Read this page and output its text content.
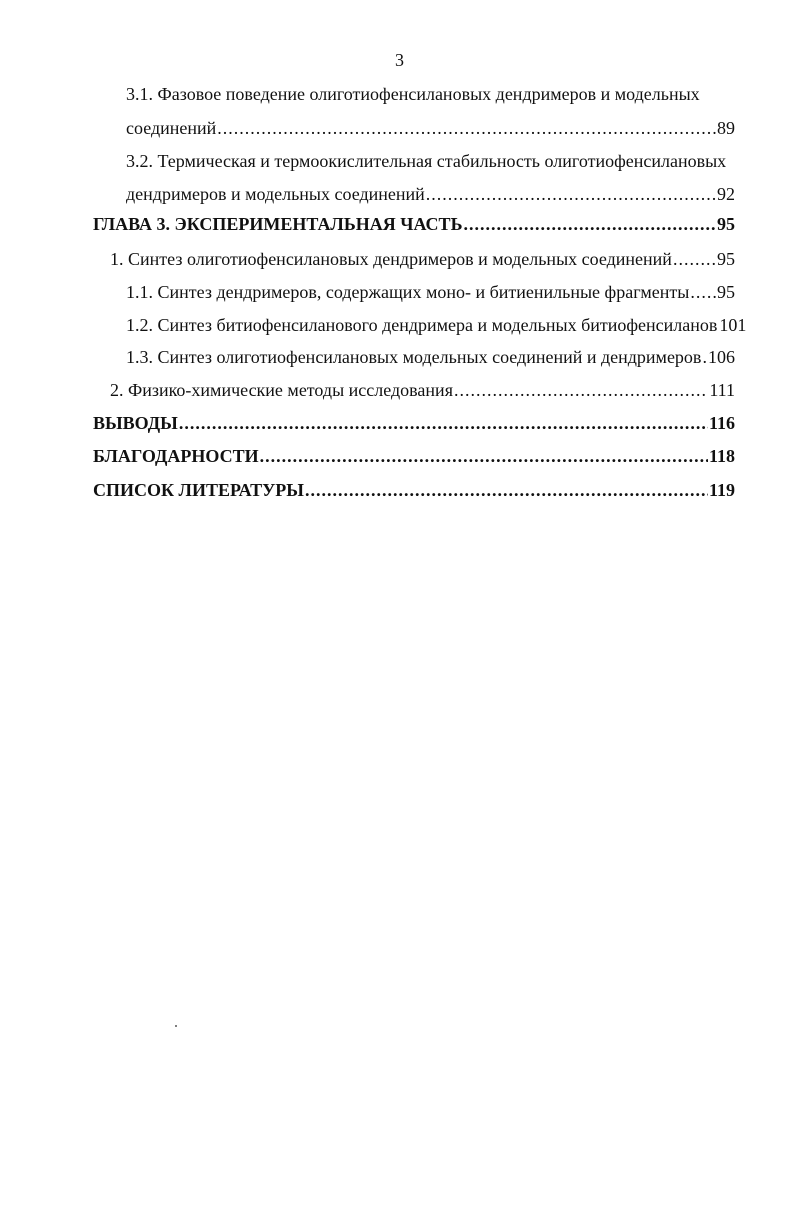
3
3.1. Фазовое поведение олиготиофенсилановых дендримеров и модельных
соединений .....	89
3.2. Термическая и термоокислительная стабильность олиготиофенсилановых
дендримеров и модельных соединений .....	92
ГЛАВА 3. ЭКСПЕРИМЕНТАЛЬНАЯ ЧАСТЬ .....	95
1. Синтез олиготиофенсилановых дендримеров и модельных соединений .....	95
1.1. Синтез дендримеров, содержащих моно- и битиенильные фрагменты ..... 95
1.2. Синтез битиофенсиланового дендримера и модельных битиофенсиланов 101
1.3. Синтез олиготиофенсилановых модельных соединений и дендримеров ..... 106
2. Физико-химические методы исследования .....	111
ВЫВОДЫ .....	116
БЛАГОДАРНОСТИ .....	118
СПИСОК ЛИТЕРАТУРЫ .....	119
